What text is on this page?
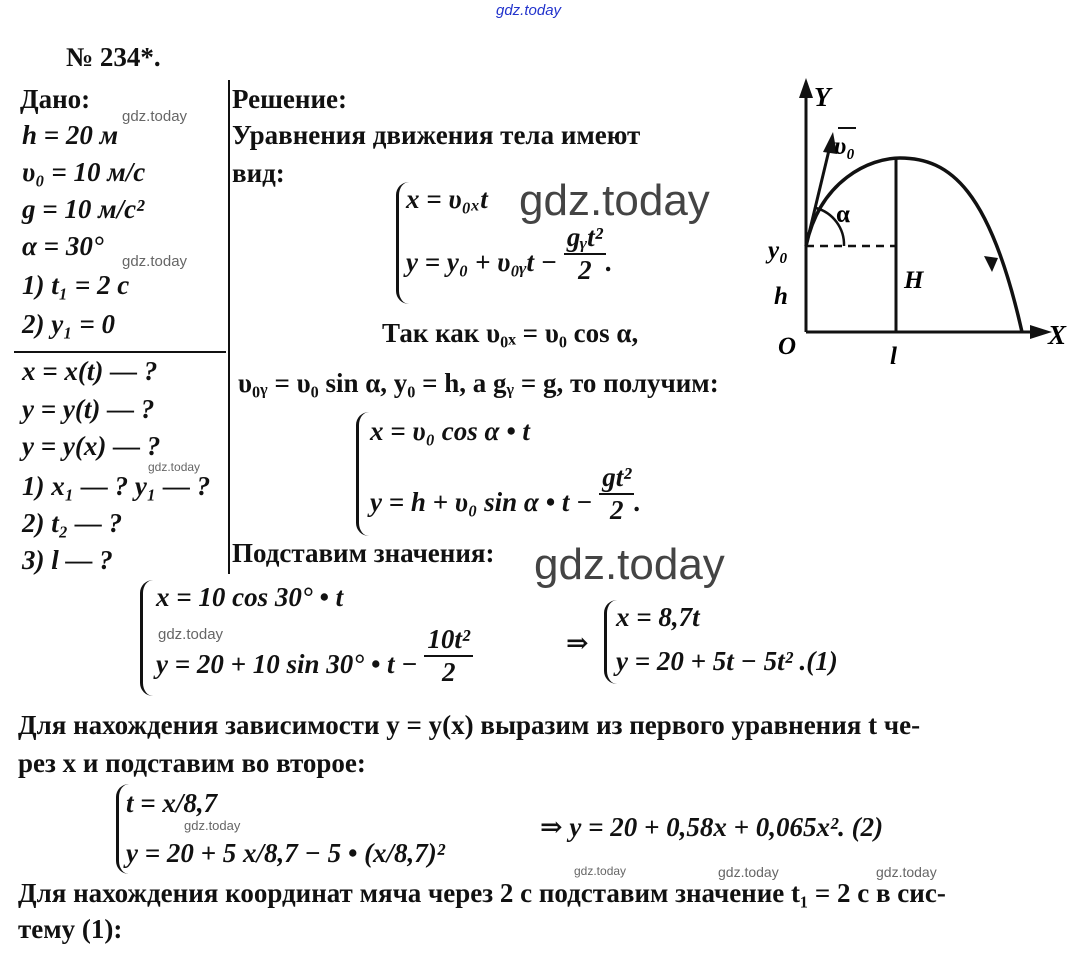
gdz.today
gdz.today
gdz.today
gdz.today
gdz.today
gdz.today
gdz.today	gdz.today	gdz.today
gdz.today
gdz.today
№ 234*.
Дано:
h = 20 м
υ₀ = 10 м/с
g = 10 м/с²
α = 30°
1) t₁ = 2 с
2) y₁ = 0
x = x(t) — ?
y = y(t) — ?
y = y(x) — ?
1) x₁ — ? y₁ — ?
2) t₂ — ?
3) l — ?
Решение:
Уравнения движения тела имеют
вид:
x = υ₀ₓt
y = y₀ + υ₀ᵧt − $\frac{\text{gᵧt²}}{2}$ .
Так как υ₀ₓ = υ₀ cos α,
υ₀ᵧ = υ₀ sin α, y₀ = h, а gᵧ = g, то получим:
x = υ₀ cos α • t
y = h + υ₀ sin α • $t - \frac{\text{gt²}}{2}$ .
Подставим значения:
x = 10 cos 30° • t
y = 20 + 10 sin 30° • $t - \frac{\text{10t²}}{2}$	⇒
x = 8,7t
y = 20 + 5t − 5t² .(1)
Для нахождения зависимости y = y(x) выразим из первого уравнения t че-
рез x и подставим во второе:
t = x/8,7
y = 20 + 5 x/8,7 − 5 • (x/8,7)²
⇒ y = 20 + 0,58x + 0,065x². (2)
Для нахождения координат мяча через 2 с подставим значение t₁ = 2 с в сис-
тему (1):
Y
X
O
υ₀
α
y₀
h
H
l
